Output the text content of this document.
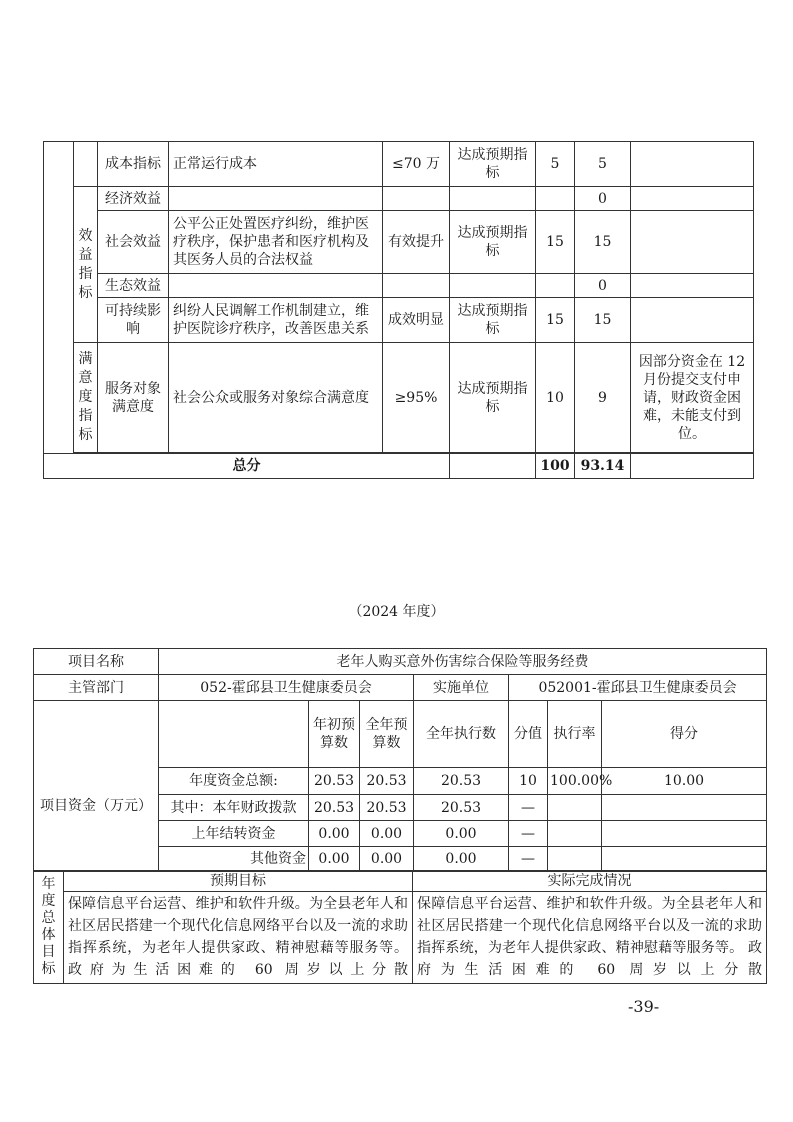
		成本指标	正常运行成本	≤70 万	达成预期指标	5	5	
	效益指标	经济效益					0	
		社会效益	公平公正处置医疗纠纷，维护医疗秩序，保护患者和医疗机构及其医务人员的合法权益	有效提升	达成预期指标	15	15	
		生态效益					0	
		可持续影响	纠纷人民调解工作机制建立，维护医院诊疗秩序，改善医患关系	成效明显	达成预期指标	15	15	
	满意度指标	服务对象满意度	社会公众或服务对象综合满意度	≥95%	达成预期指标	10	9	因部分资金在 12 月份提交支付申请，财政资金困难，未能支付到位。

总分						100	93.14	
（2024 年度）
项目名称	老年人购买意外伤害综合保险等服务经费						
主管部门	052-霍邱县卫生健康委员会			实施单位	052001-霍邱县卫生健康委员会		

项目资金（万元）		年初预算数	全年预算数	全年执行数	分值	执行率	得分
	年度资金总额:	20.53	20.53	20.53	10	100.00%	10.00
	其中：本年财政拨款	20.53	20.53	20.53	—		
	上年结转资金	0.00	0.00	0.00	—		
	其他资金	0.00	0.00	0.00	—		
年度总体目标	预期目标	实际完成情况
	保障信息平台运营、维护和软件升级。为全县老年人和社区居民搭建一个现代化信息网络平台以及一流的求助指挥系统，为老年人提供家政、精神慰藉等服务等。 政府为生活困难的 60 周岁以上分散	保障信息平台运营、维护和软件升级。为全县老年人和社区居民搭建一个现代化信息网络平台以及一流的求助指挥系统，为老年人提供家政、精神慰藉等服务等。 政府为生活困难的 60 周岁以上分散
-39-
